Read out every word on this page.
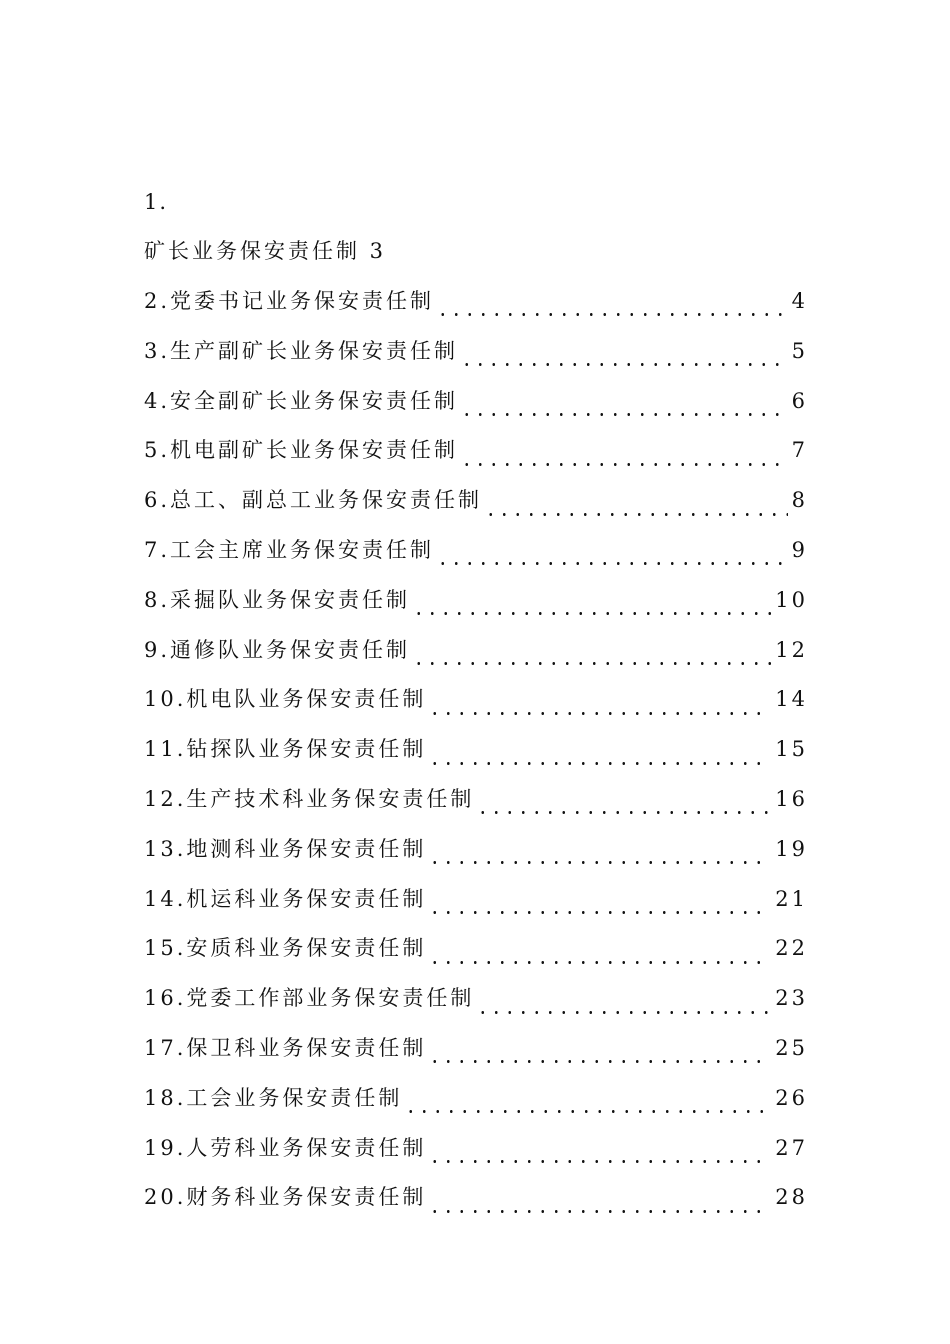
1.
矿长业务保安责任制 3
2.党委书记业务保安责任制	4
3.生产副矿长业务保安责任制	5
4.安全副矿长业务保安责任制	6
5.机电副矿长业务保安责任制	7
6.总工、副总工业务保安责任制	8
7.工会主席业务保安责任制	9
8.采掘队业务保安责任制	10
9.通修队业务保安责任制	12
10.机电队业务保安责任制	14
11.钻探队业务保安责任制	15
12.生产技术科业务保安责任制	16
13.地测科业务保安责任制	19
14.机运科业务保安责任制	21
15.安质科业务保安责任制	22
16.党委工作部业务保安责任制	23
17.保卫科业务保安责任制	25
18.工会业务保安责任制	26
19.人劳科业务保安责任制	27
20.财务科业务保安责任制	28
